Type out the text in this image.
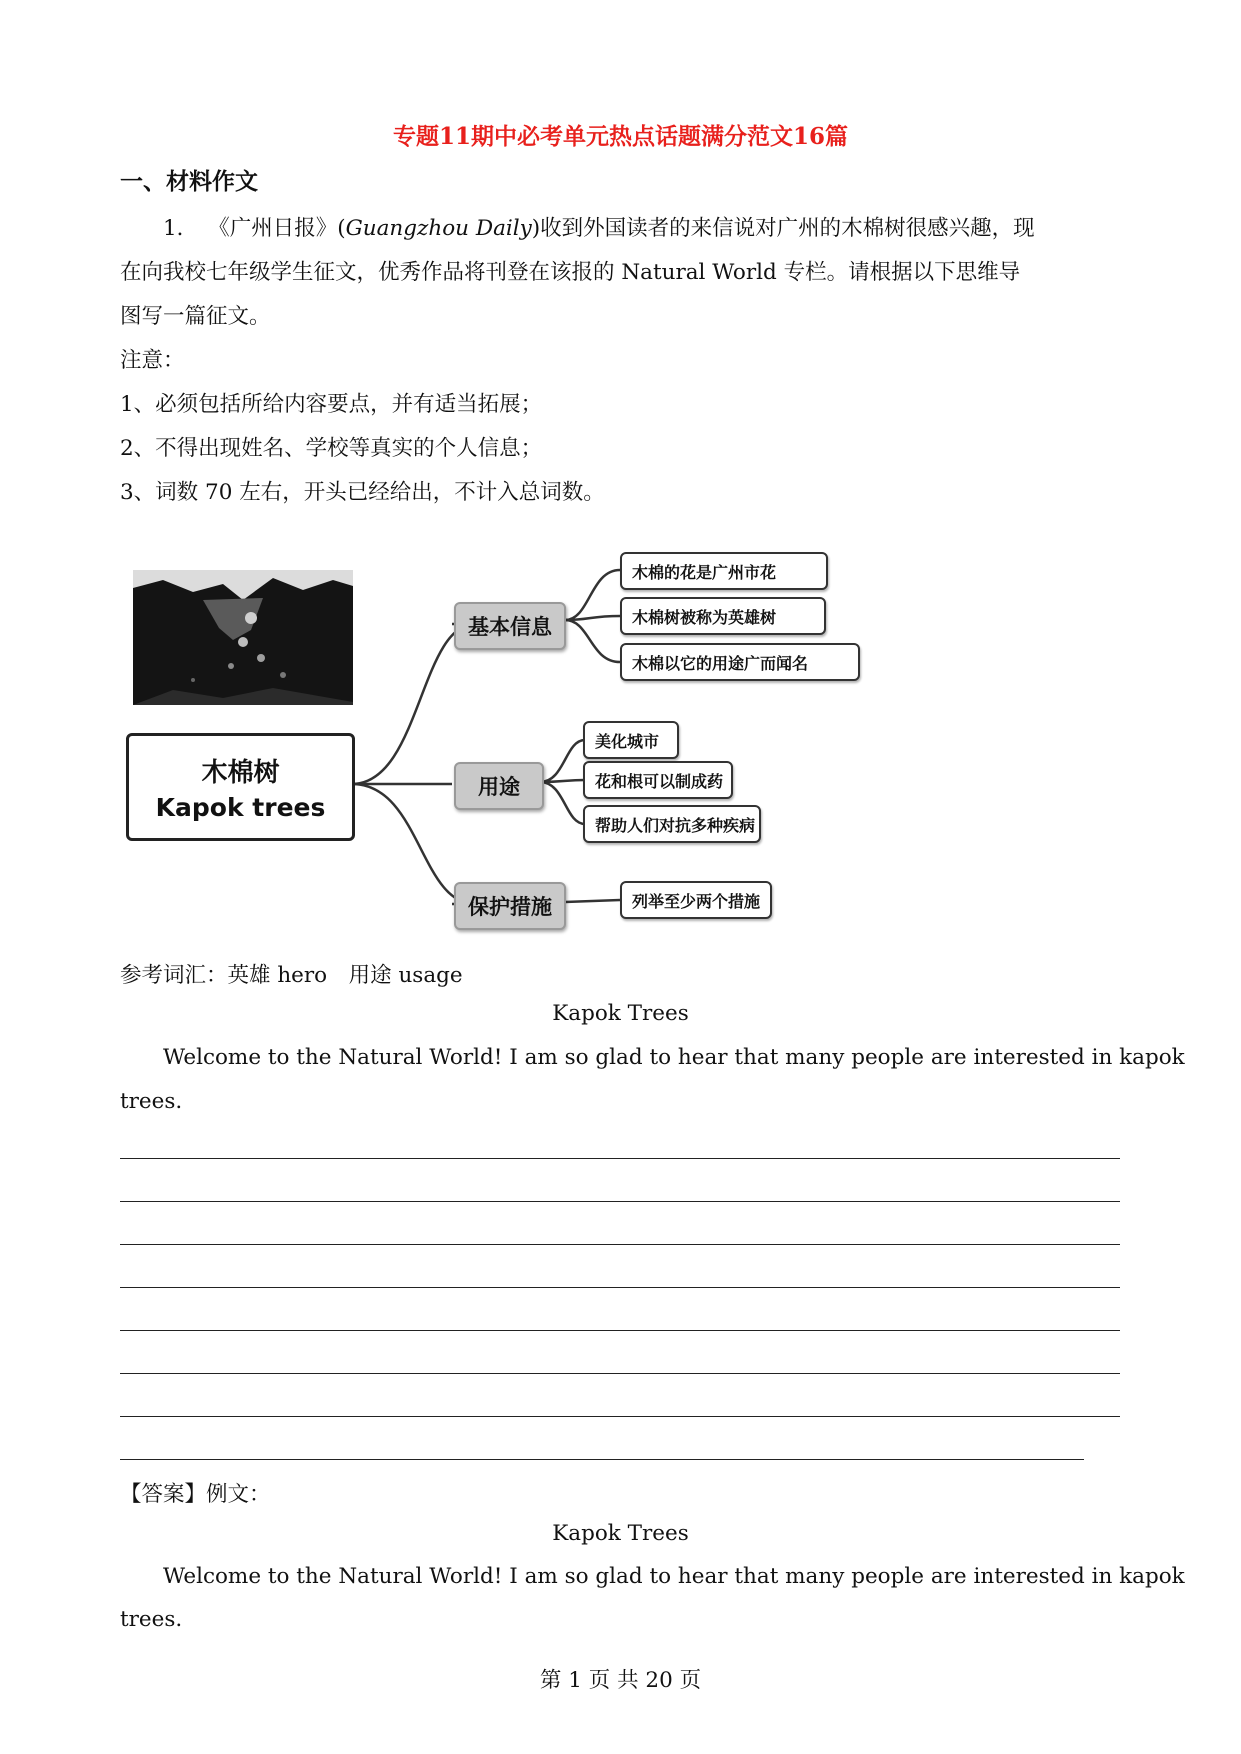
专题11期中必考单元热点话题满分范文16篇
一、材料作文
1． 《广州日报》(Guangzhou Daily)收到外国读者的来信说对广州的木棉树很感兴趣，现
在向我校七年级学生征文，优秀作品将刊登在该报的 Natural World 专栏。请根据以下思维导
图写一篇征文。
注意：
1、必须包括所给内容要点，并有适当拓展；
2、不得出现姓名、学校等真实的个人信息；
3、词数 70 左右，开头已经给出，不计入总词数。
木棉树
Kapok trees
基本信息
木棉的花是广州市花
木棉树被称为英雄树
木棉以它的用途广而闻名
用途
美化城市
花和根可以制成药
帮助人们对抗多种疾病
保护措施	列举至少两个措施
参考词汇：英雄 hero　用途 usage
Kapok Trees
Welcome to the Natural World! I am so glad to hear that many people are interested in kapok
trees.
【答案】例文：
Kapok Trees
Welcome to the Natural World! I am so glad to hear that many people are interested in kapok
trees.
第 1 页 共 20 页
